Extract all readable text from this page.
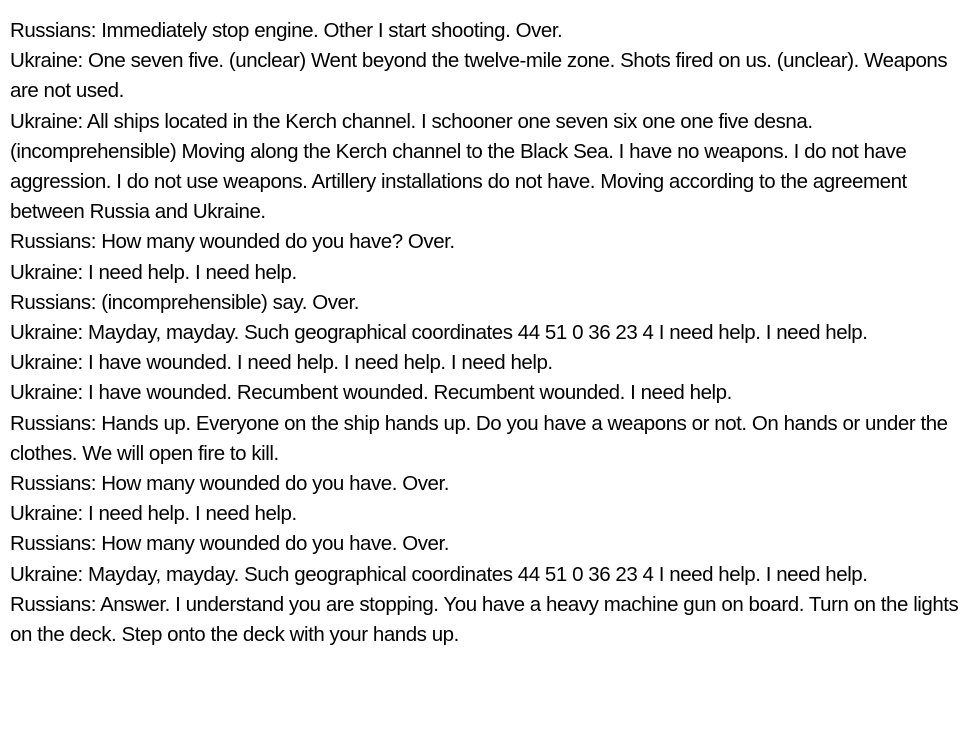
Russians: Immediately stop engine. Other I start shooting. Over.

Ukraine: One seven five. (unclear) Went beyond the twelve-mile zone. Shots fired on us. (unclear). Weapons are not used.

Ukraine: All ships located in the Kerch channel. I schooner one seven six one one five desna. (incomprehensible) Moving along the Kerch channel to the Black Sea. I have no weapons. I do not have aggression. I do not use weapons. Artillery installations do not have. Moving according to the agreement between Russia and Ukraine.

Russians: How many wounded do you have? Over.

Ukraine: I need help. I need help.

Russians: (incomprehensible) say. Over.

Ukraine: Mayday, mayday. Such geographical coordinates 44 51 0 36 23 4 I need help. I need help.

Ukraine: I have wounded. I need help. I need help. I need help.

Ukraine: I have wounded. Recumbent wounded. Recumbent wounded. I need help.

Russians: Hands up. Everyone on the ship hands up. Do you have a weapons or not. On hands or under the clothes. We will open fire to kill.

Russians: How many wounded do you have. Over.

Ukraine: I need help. I need help.

Russians: How many wounded do you have. Over.

Ukraine: Mayday, mayday. Such geographical coordinates 44 51 0 36 23 4 I need help. I need help.

Russians: Answer. I understand you are stopping. You have a heavy machine gun on board. Turn on the lights on the deck. Step onto the deck with your hands up.
